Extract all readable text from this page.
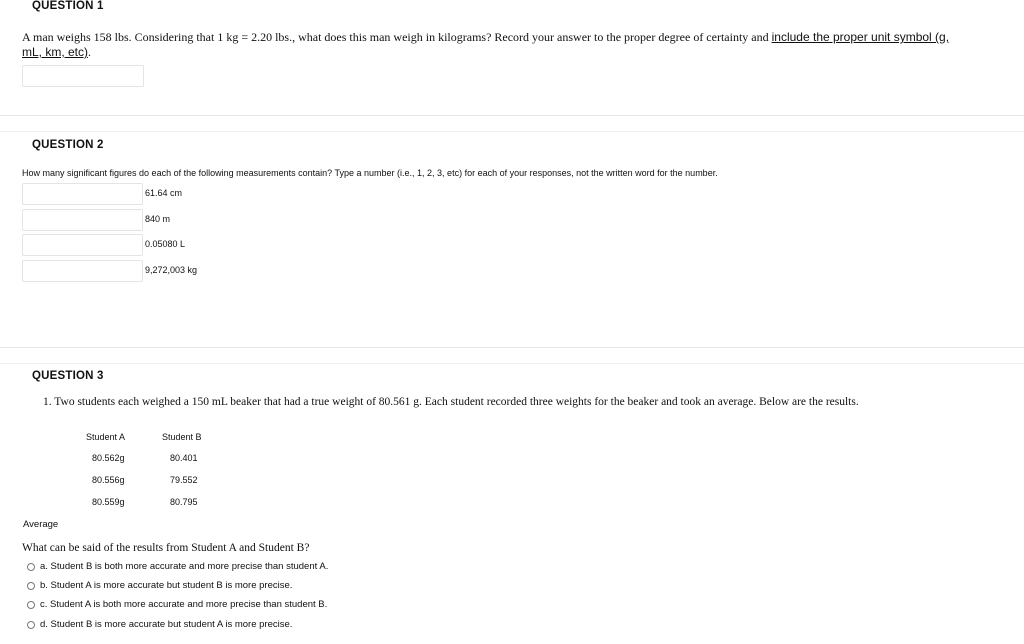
QUESTION 1
A man weighs 158 lbs. Considering that 1 kg = 2.20 lbs., what does this man weigh in kilograms? Record your answer to the proper degree of certainty and include the proper unit symbol (g, mL, km, etc).
QUESTION 2
How many significant figures do each of the following measurements contain? Type a number (i.e., 1, 2, 3, etc) for each of your responses, not the written word for the number.
61.64 cm
840 m
0.05080 L
9,272,003 kg
QUESTION 3
1. Two students each weighed a 150 mL beaker that had a true weight of 80.561 g. Each student recorded three weights for the beaker and took an average. Below are the results.
Student A	Student B
80.562g	80.401
80.556g	79.552
80.559g	80.795
Average
What can be said of the results from Student A and Student B?
a. Student B is both more accurate and more precise than student A.
b. Student A is more accurate but student B is more precise.
c. Student A is both more accurate and more precise than student B.
d. Student B is more accurate but student A is more precise.
